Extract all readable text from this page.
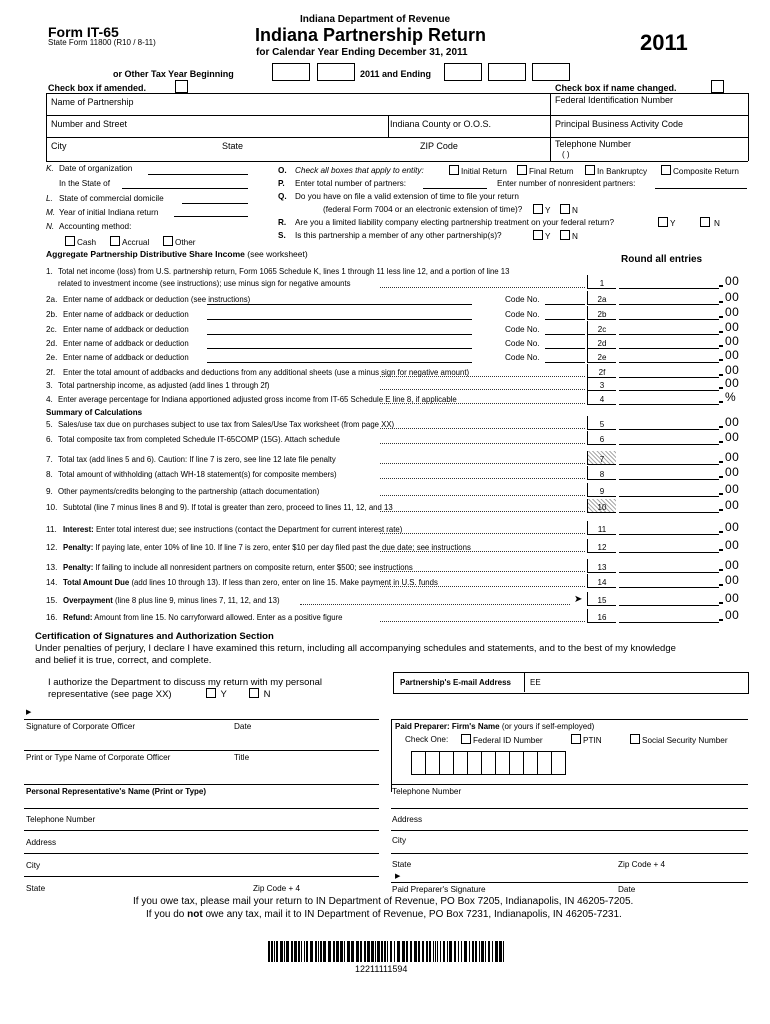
Form IT-65
State Form 11800 (R10 / 8-11)
Indiana Department of Revenue
Indiana Partnership Return
for Calendar Year Ending December 31, 2011	2011
or Other Tax Year Beginning	2011 and Ending
Check box if amended.	Check box if name changed.
Name of Partnership	Federal Identification Number
Number and Street	Indiana County or O.O.S.	Principal Business Activity Code
City	State	ZIP Code	Telephone Number
( )
K. Date of organization
In the State of
L. State of commercial domicile
M. Year of initial Indiana return
N. Accounting method:
Cash	Accrual	Other
O. Check all boxes that apply to entity:	Initial Return	Final Return	In Bankruptcy	Composite Return
P. Enter total number of partners:	Enter number of nonresident partners:
Q. Do you have on file a valid extension of time to file your return
(federal Form 7004 or an electronic extension of time)?	Y	N
R. Are you a limited liability company electing partnership treatment on your federal return?	Y	N
S. Is this partnership a member of any other partnership(s)?	Y	N
Aggregate Partnership Distributive Share Income (see worksheet)	Round all entries
1. Total net income (loss) from U.S. partnership return, Form 1065 Schedule K, lines 1 through 11 less line 12, and a portion of line 13
related to investment income (see instructions); use minus sign for negative amounts	1	00
2a. Enter name of addback or deduction (see instructions)	Code No.	2a	00
2b. Enter name of addback or deduction	Code No.	2b	00
2c. Enter name of addback or deduction	Code No.	2c	00
2d. Enter name of addback or deduction	Code No.	2d	00
2e. Enter name of addback or deduction	Code No.	2e	00
2f. Enter the total amount of addbacks and deductions from any additional sheets (use a minus sign for negative amount)	2f	00
3. Total partnership income, as adjusted (add lines 1 through 2f)	3	00
4. Enter average percentage for Indiana apportioned adjusted gross income from IT-65 Schedule E line 8, if applicable	4	%
5. Sales/use tax due on purchases subject to use tax from Sales/Use Tax worksheet (from page XX)	5	00
6. Total composite tax from completed Schedule IT-65COMP (15G). Attach schedule	6	00
7. Total tax (add lines 5 and 6). Caution: If line 7 is zero, see line 12 late file penalty	7	00
8. Total amount of withholding (attach WH-18 statement(s) for composite members)	8	00
9. Other payments/credits belonging to the partnership (attach documentation)	9	00
10. Subtotal (line 7 minus lines 8 and 9). If total is greater than zero, proceed to lines 11, 12, and 13	10	00
11. Interest: Enter total interest due; see instructions (contact the Department for current interest rate)	11	00
12. Penalty: If paying late, enter 10% of line 10. If line 7 is zero, enter $10 per day filed past the due date; see instructions	12	00
13. Penalty: If failing to include all nonresident partners on composite return, enter $500; see instructions	13	00
14. Total Amount Due (add lines 10 through 13). If less than zero, enter on line 15. Make payment in U.S. funds	14	00
15. Overpayment (line 8 plus line 9, minus lines 7, 11, 12, and 13)	➤	15	00
16. Refund: Amount from line 15. No carryforward allowed. Enter as a positive figure	16	00
Summary of Calculations
Certification of Signatures and Authorization Section
Under penalties of perjury, I declare I have examined this return, including all accompanying schedules and statements, and to the best of my knowledge
and belief it is true, correct, and complete.
I authorize the Department to discuss my return with my personal
representative (see page XX)	Y	N
Partnership's E-mail Address EE
▶
Signature of Corporate Officer	Date
Print or Type Name of Corporate Officer	Title
Personal Representative's Name (Print or Type)
Telephone Number
Address
City
State	Zip Code + 4
Paid Preparer: Firm's Name (or yours if self-employed)
Check One:	Federal ID Number	PTIN	Social Security Number
Telephone Number
Address
City
State	Zip Code + 4
▶
Paid Preparer's Signature	Date
If you owe tax, please mail your return to IN Department of Revenue, PO Box 7205, Indianapolis, IN 46205-7205.
If you do not owe any tax, mail it to IN Department of Revenue, PO Box 7231, Indianapolis, IN 46205-7231.
12211111594
